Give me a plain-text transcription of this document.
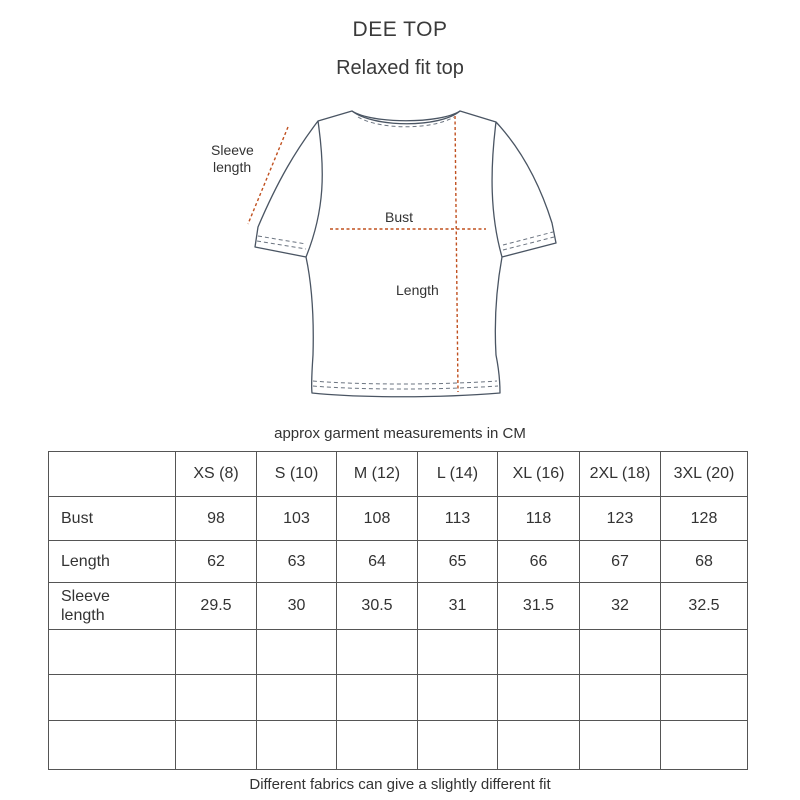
DEE TOP
Relaxed fit top
Sleeve
length
Bust
Length
approx garment measurements in CM
	XS (8)	S (10)	M (12)	L (14)	XL (16)	2XL (18)	3XL (20)
Bust	98	103	108	113	118	123	128
Length	62	63	64	65	66	67	68
Sleeve
length	29.5	30	30.5	31	31.5	32	32.5

Different fabrics can give a slightly different fit
